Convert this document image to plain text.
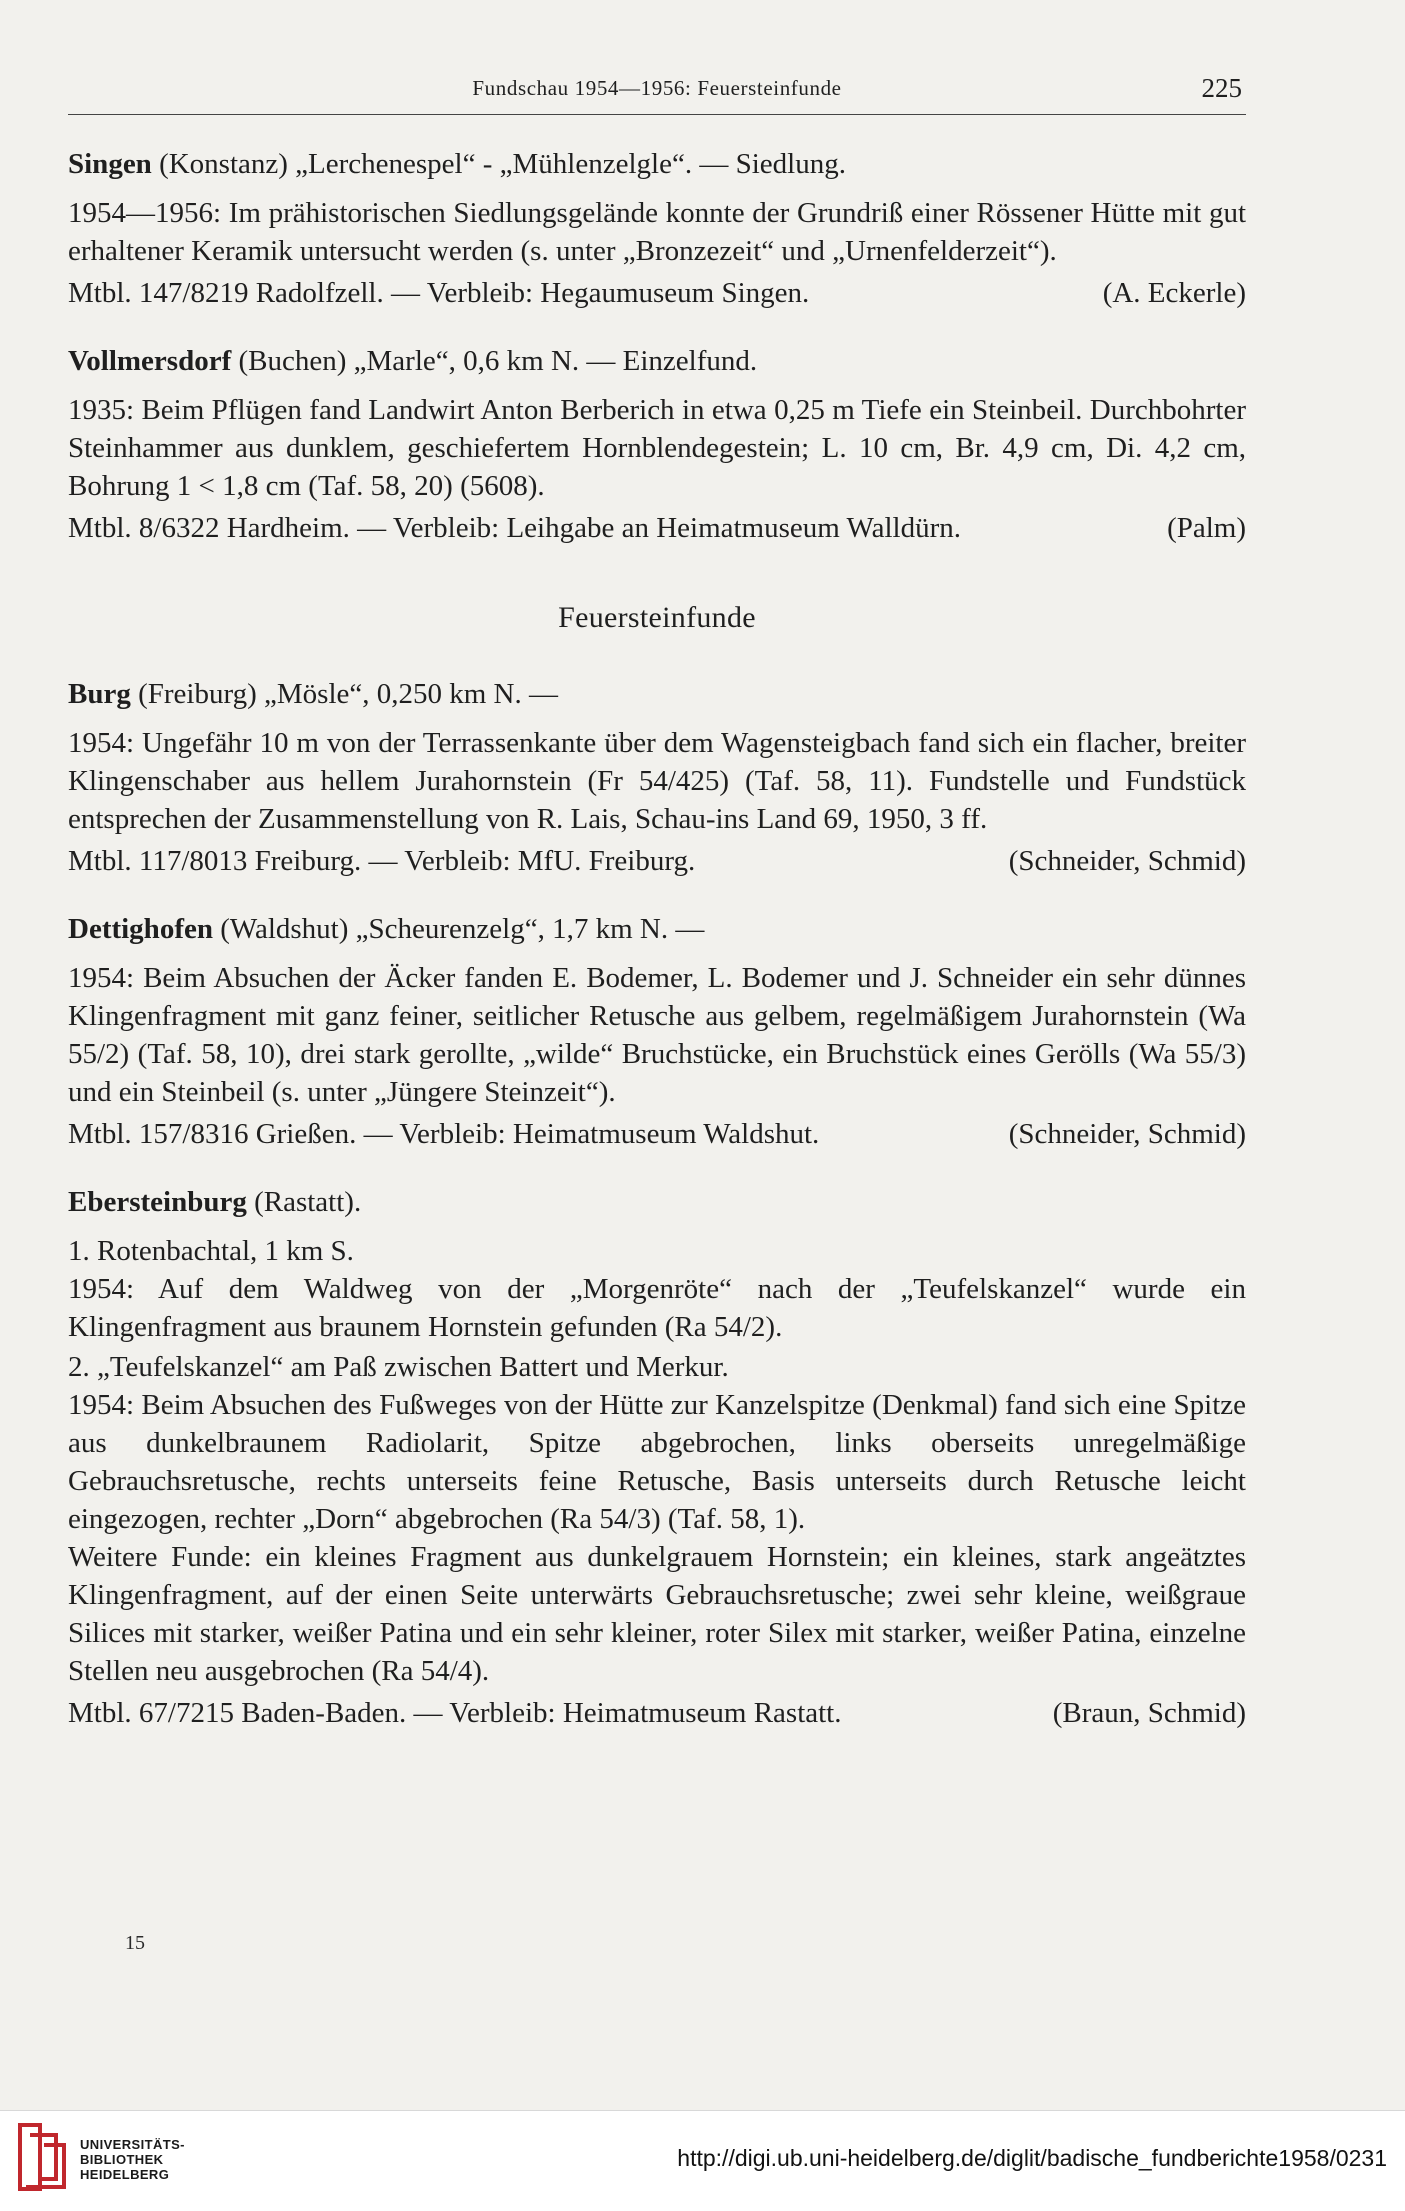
Fundschau 1954—1956: Feuersteinfunde	225
Singen (Konstanz) „Lerchenespel“ - „Mühlenzelgle“. — Siedlung.
1954—1956: Im prähistorischen Siedlungsgelände konnte der Grundriß einer Rössener Hütte mit gut erhaltener Keramik untersucht werden (s. unter „Bronzezeit“ und „Urnenfelderzeit“).
Mtbl. 147/8219 Radolfzell. — Verbleib: Hegaumuseum Singen.	(A. Eckerle)
Vollmersdorf (Buchen) „Marle“, 0,6 km N. — Einzelfund.
1935: Beim Pflügen fand Landwirt Anton Berberich in etwa 0,25 m Tiefe ein Steinbeil. Durchbohrter Steinhammer aus dunklem, geschiefertem Hornblendegestein; L. 10 cm, Br. 4,9 cm, Di. 4,2 cm, Bohrung 1 < 1,8 cm (Taf. 58, 20) (5608).
Mtbl. 8/6322 Hardheim. — Verbleib: Leihgabe an Heimatmuseum Walldürn.	(Palm)
Feuersteinfunde
Burg (Freiburg) „Mösle“, 0,250 km N. —
1954: Ungefähr 10 m von der Terrassenkante über dem Wagensteigbach fand sich ein flacher, breiter Klingenschaber aus hellem Jurahornstein (Fr 54/425) (Taf. 58, 11). Fundstelle und Fundstück entsprechen der Zusammenstellung von R. Lais, Schau-ins Land 69, 1950, 3 ff.
Mtbl. 117/8013 Freiburg. — Verbleib: MfU. Freiburg.	(Schneider, Schmid)
Dettighofen (Waldshut) „Scheurenzelg“, 1,7 km N. —
1954: Beim Absuchen der Äcker fanden E. Bodemer, L. Bodemer und J. Schneider ein sehr dünnes Klingenfragment mit ganz feiner, seitlicher Retusche aus gelbem, regelmäßigem Jurahornstein (Wa 55/2) (Taf. 58, 10), drei stark gerollte, „wilde“ Bruchstücke, ein Bruchstück eines Gerölls (Wa 55/3) und ein Steinbeil (s. unter „Jüngere Steinzeit“).
Mtbl. 157/8316 Grießen. — Verbleib: Heimatmuseum Waldshut.	(Schneider, Schmid)
Ebersteinburg (Rastatt).
1. Rotenbachtal, 1 km S.
1954: Auf dem Waldweg von der „Morgenröte“ nach der „Teufelskanzel“ wurde ein Klingenfragment aus braunem Hornstein gefunden (Ra 54/2).
2. „Teufelskanzel“ am Paß zwischen Battert und Merkur.
1954: Beim Absuchen des Fußweges von der Hütte zur Kanzelspitze (Denkmal) fand sich eine Spitze aus dunkelbraunem Radiolarit, Spitze abgebrochen, links oberseits unregelmäßige Gebrauchsretusche, rechts unterseits feine Retusche, Basis unterseits durch Retusche leicht eingezogen, rechter „Dorn“ abgebrochen (Ra 54/3) (Taf. 58, 1).
Weitere Funde: ein kleines Fragment aus dunkelgrauem Hornstein; ein kleines, stark angeätztes Klingenfragment, auf der einen Seite unterwärts Gebrauchsretusche; zwei sehr kleine, weißgraue Silices mit starker, weißer Patina und ein sehr kleiner, roter Silex mit starker, weißer Patina, einzelne Stellen neu ausgebrochen (Ra 54/4).
Mtbl. 67/7215 Baden-Baden. — Verbleib: Heimatmuseum Rastatt.	(Braun, Schmid)
15
UNIVERSITÄTS-
BIBLIOTHEK
HEIDELBERG
http://digi.ub.uni-heidelberg.de/diglit/badische_fundberichte1958/0231
